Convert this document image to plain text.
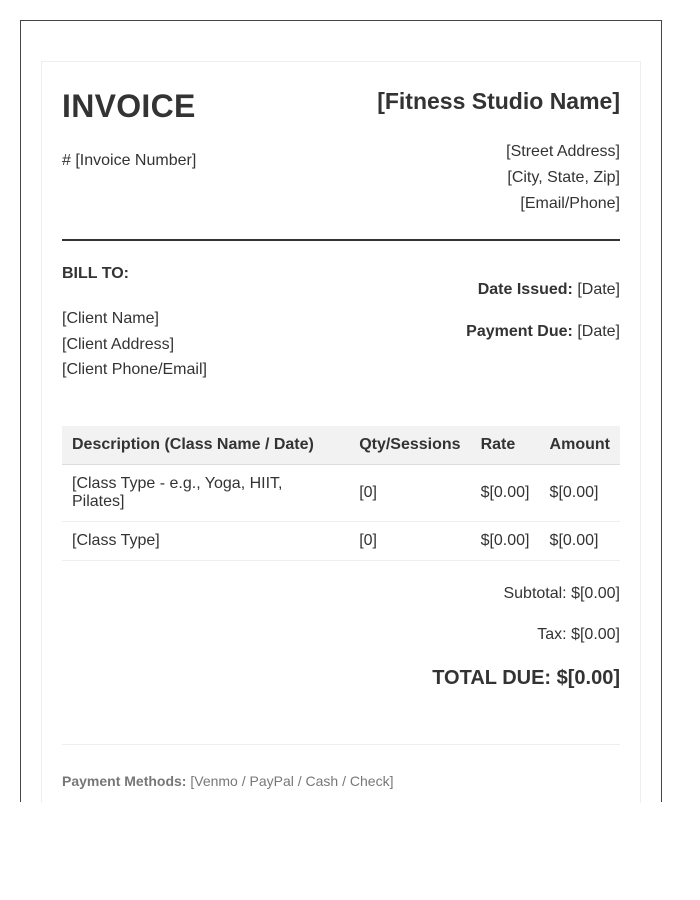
INVOICE
# [Invoice Number]
[Fitness Studio Name]
[Street Address]
[City, State, Zip]
[Email/Phone]
BILL TO:
[Client Name]
[Client Address]
[Client Phone/Email]
Date Issued: [Date]
Payment Due: [Date]
Description (Class Name / Date)	Qty/Sessions	Rate	Amount
[Class Type - e.g., Yoga, HIIT, Pilates]	[0]	$[0.00]	$[0.00]
[Class Type]	[0]	$[0.00]	$[0.00]
Subtotal: $[0.00]
Tax: $[0.00]
TOTAL DUE: $[0.00]
Payment Methods: [Venmo / PayPal / Cash / Check]
